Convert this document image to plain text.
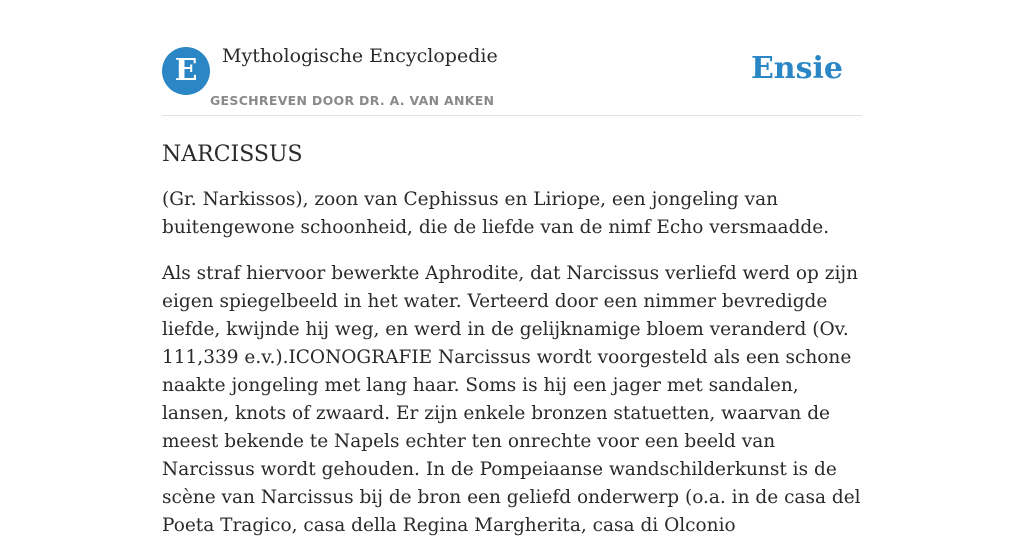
E	Mythologische Encyclopedie
GESCHREVEN DOOR DR. A. VAN ANKEN
Ensie
NARCISSUS

(Gr. Narkissos), zoon van Cephissus en Liriope, een jongeling van buitengewone schoonheid, die de liefde van de nimf Echo versmaadde.

Als straf hiervoor bewerkte Aphrodite, dat Narcissus verliefd werd op zijn eigen spiegelbeeld in het water. Verteerd door een nimmer bevredigde liefde, kwijnde hij weg, en werd in de gelijknamige bloem veranderd (Ov. 111,339 e.v.).ICONOGRAFIE Narcissus wordt voorgesteld als een schone naakte jongeling met lang haar. Soms is hij een jager met sandalen, lansen, knots of zwaard. Er zijn enkele bronzen statuetten, waarvan de meest bekende te Napels echter ten onrechte voor een beeld van Narcissus wordt gehouden. In de Pompeiaanse wandschilderkunst is de scène van Narcissus bij de bron een geliefd onderwerp (o.a. in de casa del Poeta Tragico, casa della Regina Margherita, casa di Olconio
